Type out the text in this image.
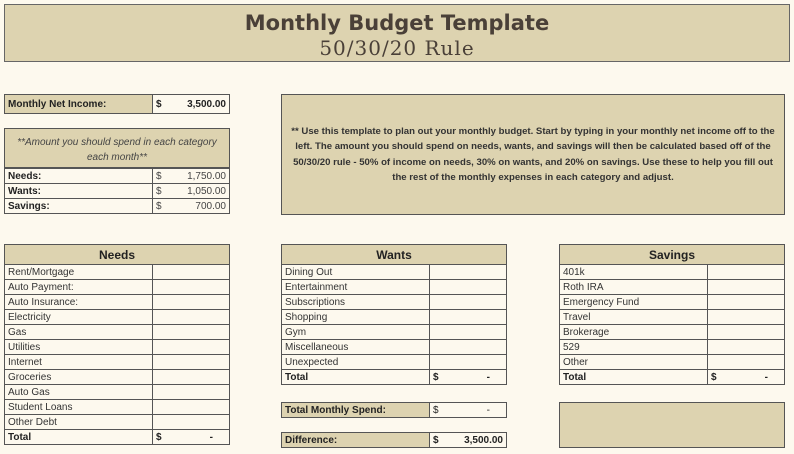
Monthly Budget Template
50/30/20 Rule
Monthly Net Income:	$	3,500.00
**Amount you should spend in each category
each month**
Needs:	$	1,750.00
Wants:	$	1,050.00
Savings:	$	700.00
** Use this template to plan out your monthly budget. Start by typing in your monthly net income off to the left. The amount you should spend on needs, wants, and savings will then be calculated based off of the 50/30/20 rule - 50% of income on needs, 30% on wants, and 20% on savings. Use these to help you fill out the rest of the monthly expenses in each category and adjust.
Needs		
Rent/Mortgage		
Auto Payment:		
Auto Insurance:		
Electricity		
Gas		
Utilities		
Internet		
Groceries		
Auto Gas		
Student Loans		
Other Debt		
Total	$	-
Wants		
Dining Out		
Entertainment		
Subscriptions		
Shopping		
Gym		
Miscellaneous		
Unexpected		
Total	$	-
Savings		
401k		
Roth IRA		
Emergency Fund		
Travel		
Brokerage		
529		
Other		
Total	$	-
Total Monthly Spend:	$	-
Difference:	$	3,500.00
